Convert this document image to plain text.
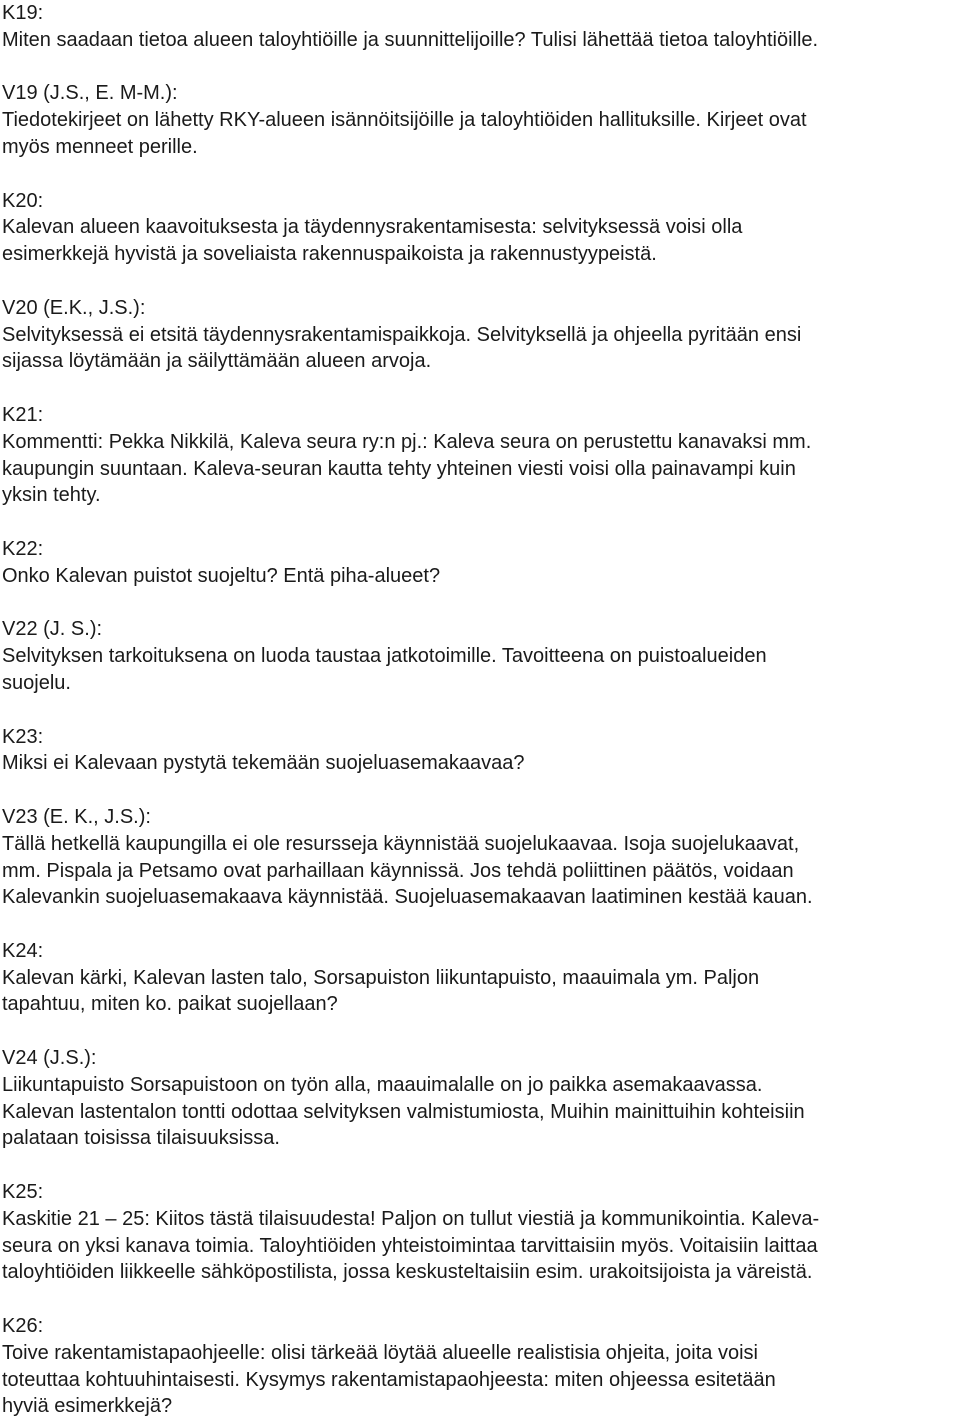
K19:
Miten saadaan tietoa alueen taloyhtiöille ja suunnittelijoille? Tulisi lähettää tietoa taloyhtiöille.
V19 (J.S., E. M-M.):
Tiedotekirjeet on lähetty RKY-alueen isännöitsijöille ja taloyhtiöiden hallituksille. Kirjeet ovat
myös menneet perille.
K20:
Kalevan alueen kaavoituksesta ja täydennysrakentamisesta: selvityksessä voisi olla
esimerkkejä hyvistä ja soveliaista rakennuspaikoista ja rakennustyypeistä.
V20 (E.K., J.S.):
Selvityksessä ei etsitä täydennysrakentamispaikkoja. Selvityksellä ja ohjeella pyritään ensi
sijassa löytämään ja säilyttämään alueen arvoja.
K21:
Kommentti: Pekka Nikkilä, Kaleva seura ry:n pj.: Kaleva seura on perustettu kanavaksi mm.
kaupungin suuntaan. Kaleva-seuran kautta tehty yhteinen viesti voisi olla painavampi kuin
yksin tehty.
K22:
Onko Kalevan puistot suojeltu? Entä piha-alueet?
V22 (J. S.):
Selvityksen tarkoituksena on luoda taustaa jatkotoimille. Tavoitteena on puistoalueiden
suojelu.
K23:
Miksi ei Kalevaan pystytä tekemään suojeluasemakaavaa?
V23 (E. K., J.S.):
Tällä hetkellä kaupungilla ei ole resursseja käynnistää suojelukaavaa. Isoja suojelukaavat,
mm. Pispala ja Petsamo ovat parhaillaan käynnissä. Jos tehdä poliittinen päätös, voidaan
Kalevankin suojeluasemakaava käynnistää. Suojeluasemakaavan laatiminen kestää kauan.
K24:
Kalevan kärki, Kalevan lasten talo, Sorsapuiston liikuntapuisto, maauimala ym. Paljon
tapahtuu, miten ko. paikat suojellaan?
V24 (J.S.):
Liikuntapuisto Sorsapuistoon on työn alla, maauimalalle on jo paikka asemakaavassa.
Kalevan lastentalon tontti odottaa selvityksen valmistumiosta, Muihin mainittuihin kohteisiin
palataan toisissa tilaisuuksissa.
K25:
Kaskitie 21 – 25: Kiitos tästä tilaisuudesta! Paljon on tullut viestiä ja kommunikointia. Kaleva-
seura on yksi kanava toimia. Taloyhtiöiden yhteistoimintaa tarvittaisiin myös. Voitaisiin laittaa
taloyhtiöiden liikkeelle sähköpostilista, jossa keskusteltaisiin esim. urakoitsijoista ja väreistä.
K26:
Toive rakentamistapaohjeelle: olisi tärkeää löytää alueelle realistisia ohjeita, joita voisi
toteuttaa kohtuuhintaisesti. Kysymys rakentamistapaohjeesta: miten ohjeessa esitetään
hyviä esimerkkejä?
